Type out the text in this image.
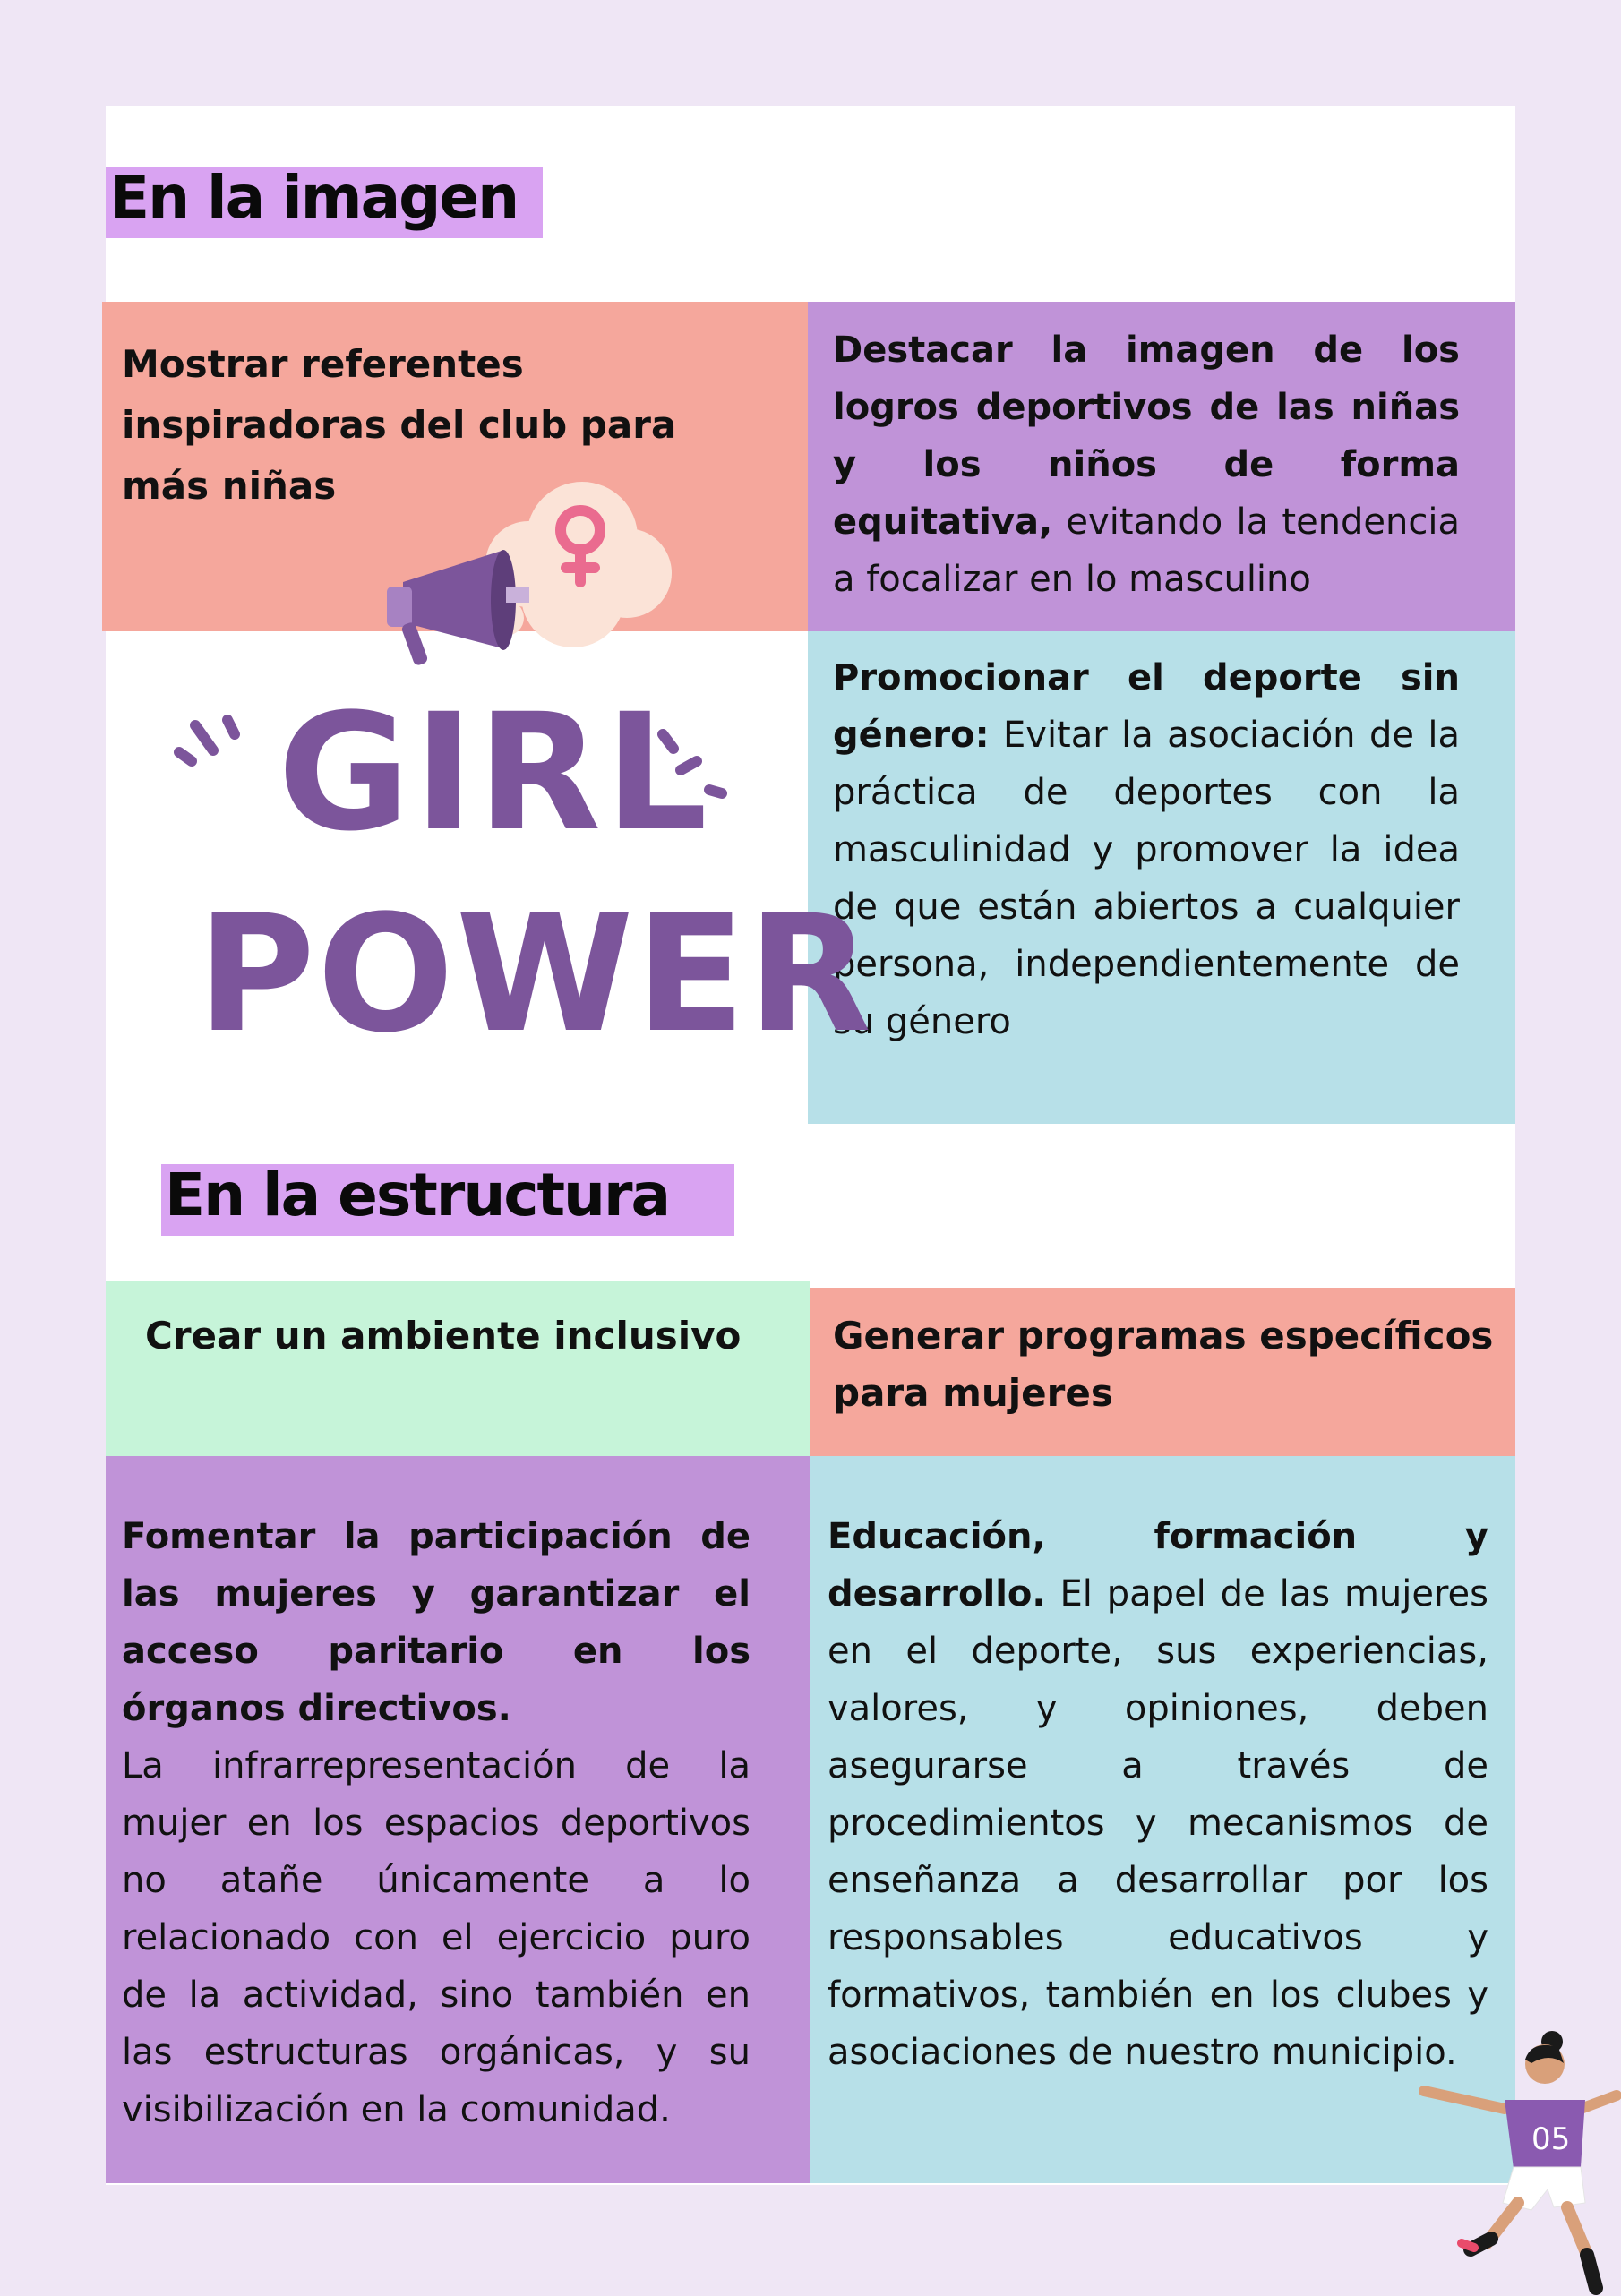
En la imagen

Mostrar referentes inspiradoras del club para más niñas

Destacar la imagen de los logros deportivos de las niñas y los niños de forma equitativa, evitando la tendencia a focalizar en lo masculino

Promocionar el deporte sin género: Evitar la asociación de la práctica de deportes con la masculinidad y promover la idea de que están abiertos a cualquier persona, independientemente de su género

GIRL
POWER
En la estructura

Crear un ambiente inclusivo	Generar programas específicos para mujeres

Fomentar la participación de las mujeres y garantizar el acceso paritario en los órganos directivos.
La infrarrepresentación de la mujer en los espacios deportivos no atañe únicamente a lo relacionado con el ejercicio puro de la actividad, sino también en las estructuras orgánicas, y su visibilización en la comunidad.

Educación, formación y desarrollo. El papel de las mujeres en el deporte, sus experiencias, valores, y opiniones, deben asegurarse a través de procedimientos y mecanismos de enseñanza a desarrollar por los responsables educativos y formativos, también en los clubes y asociaciones de nuestro municipio.

05
